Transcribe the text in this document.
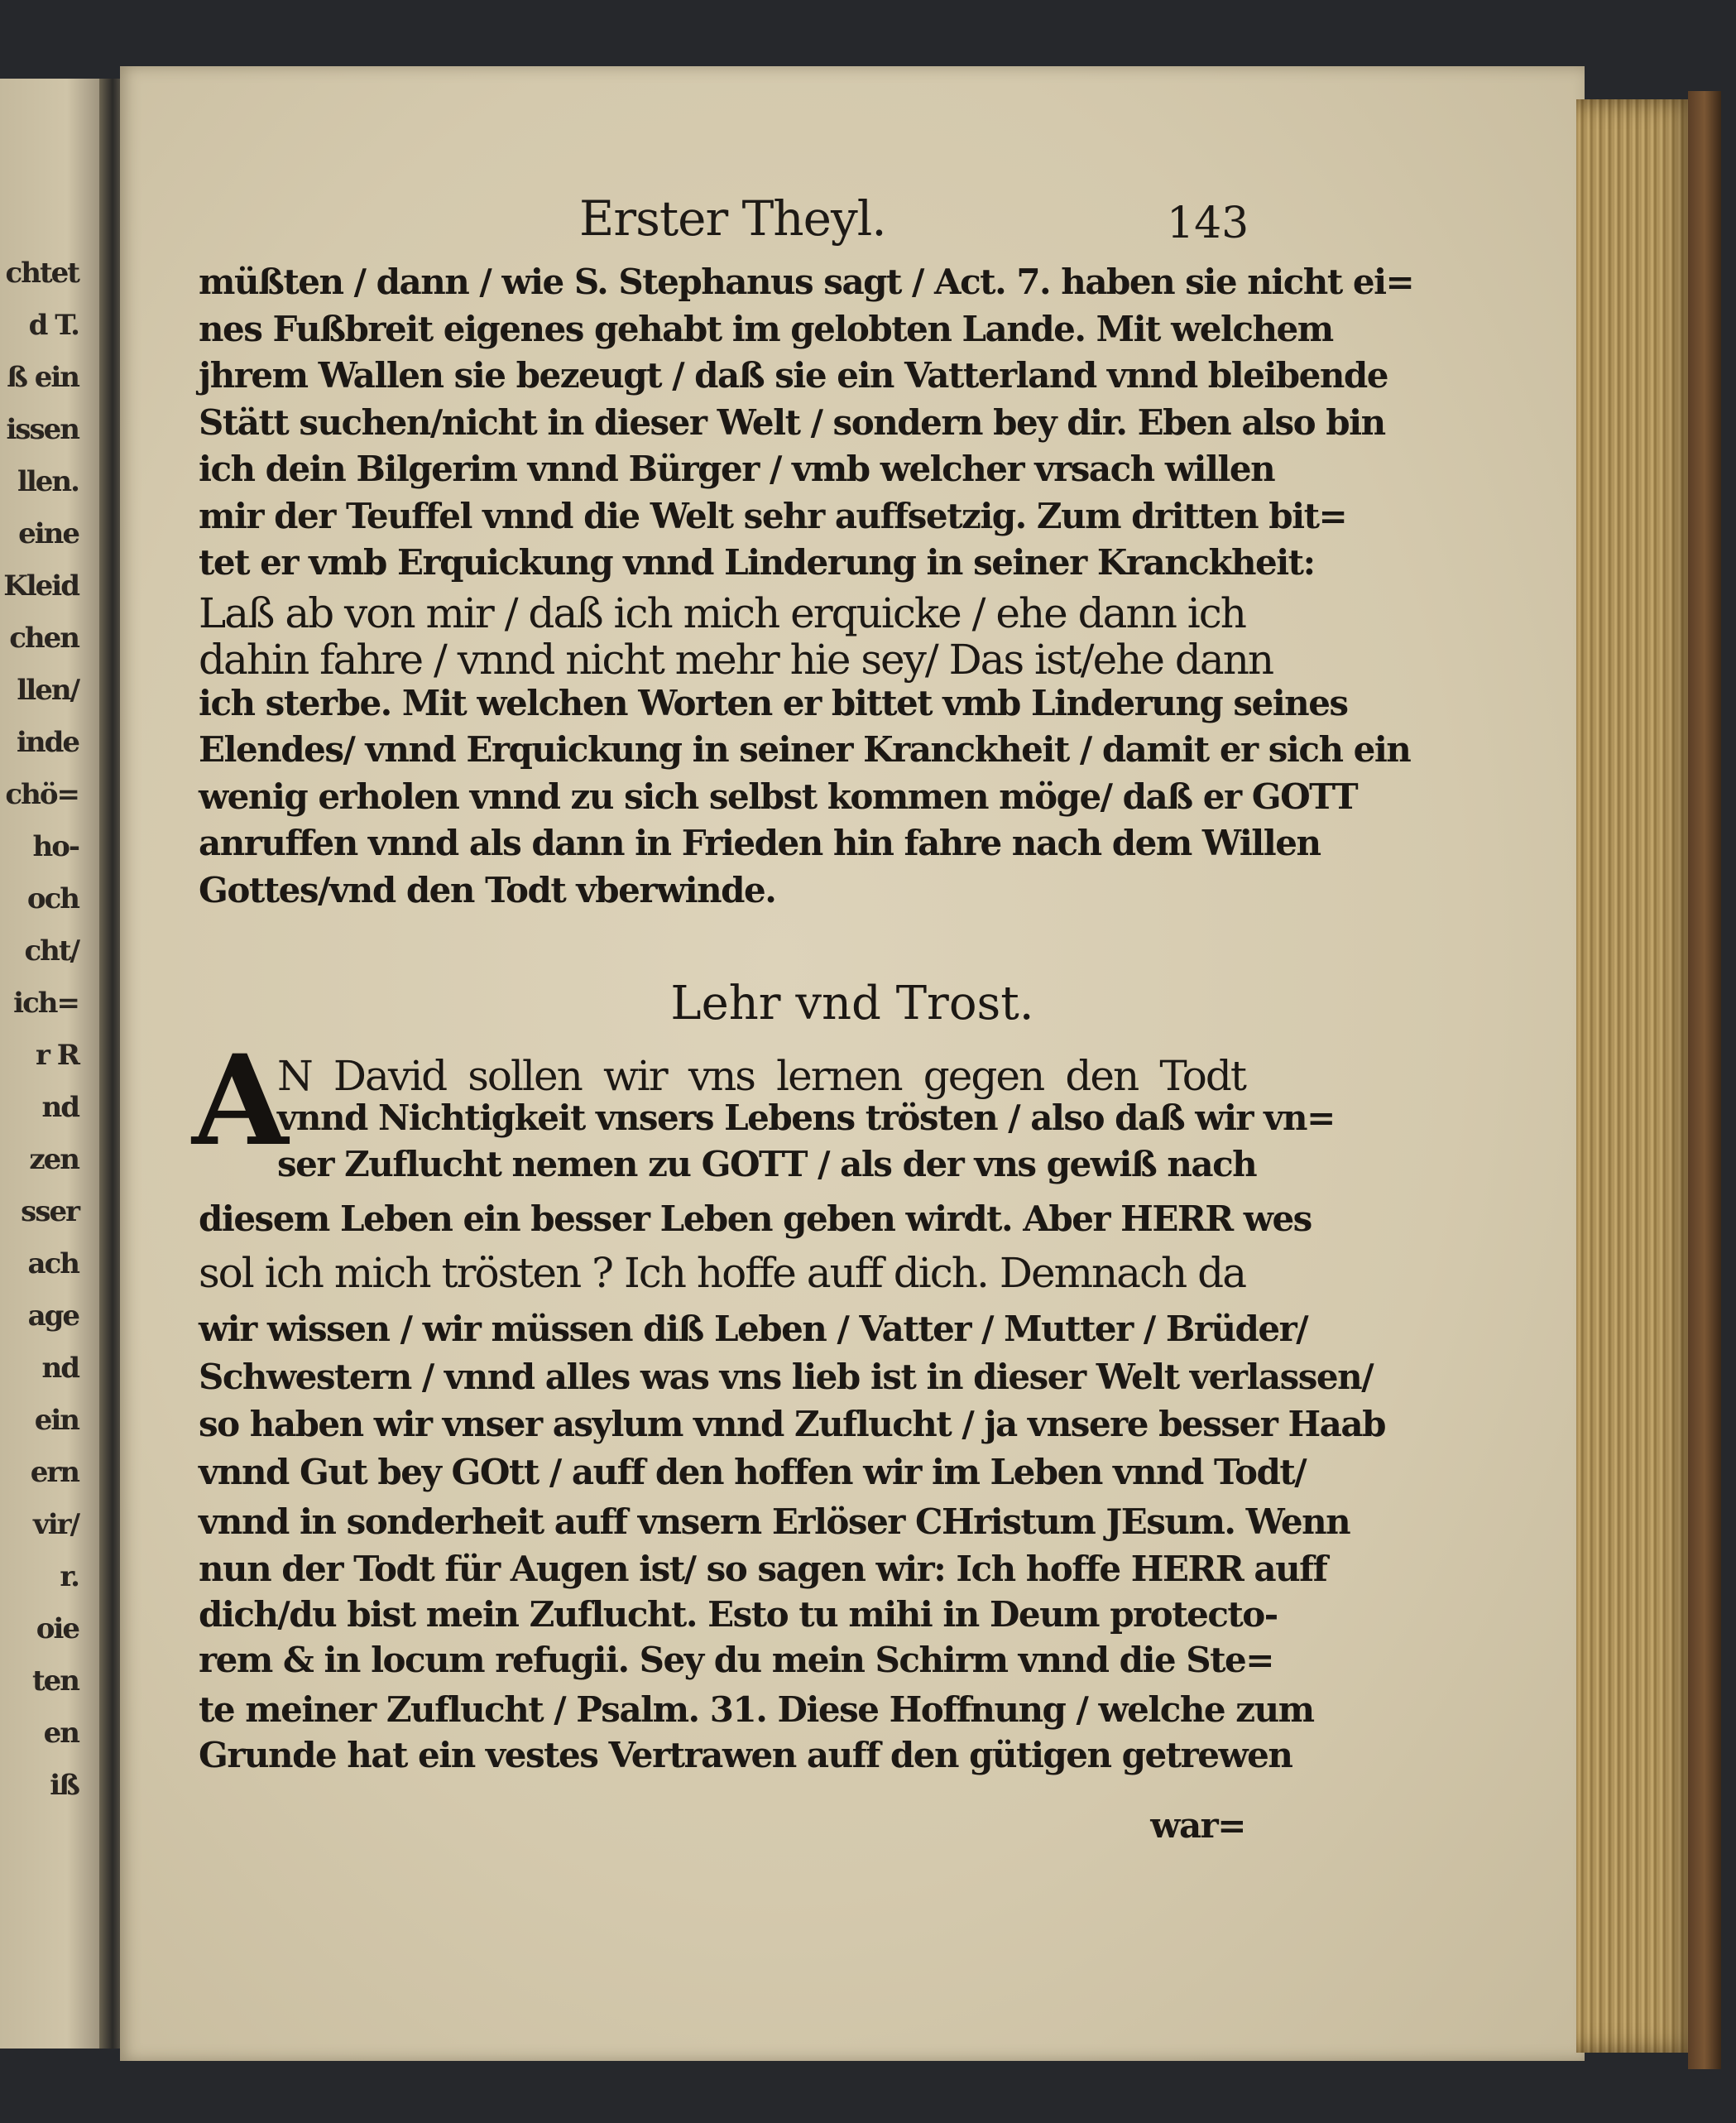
chtet
d T.
ß ein
issen
llen.
eine
Kleid
chen
llen/
inde
chö=
ho-
och
cht/
ich=
r R
nd
zen
sser
ach
age
nd
ein
ern
vir/
r.
oie
ten
en
iß
Erster Theyl.	143
müßten / dann / wie S. Stephanus sagt / Act. 7. haben sie nicht ei=
nes Fußbreit eigenes gehabt im gelobten Lande. Mit welchem
jhrem Wallen sie bezeugt / daß sie ein Vatterland vnnd bleibende
Stätt suchen/nicht in dieser Welt / sondern bey dir. Eben also bin
ich dein Bilgerim vnnd Bürger / vmb welcher vrsach willen
mir der Teuffel vnnd die Welt sehr auffsetzig. Zum dritten bit=
tet er vmb Erquickung vnnd Linderung in seiner Kranckheit:
Laß ab von mir / daß ich mich erquicke / ehe dann ich
dahin fahre / vnnd nicht mehr hie sey/ Das ist/ehe dann
ich sterbe. Mit welchen Worten er bittet vmb Linderung seines
Elendes/ vnnd Erquickung in seiner Kranckheit / damit er sich ein
wenig erholen vnnd zu sich selbst kommen möge/ daß er GOTT
anruffen vnnd als dann in Frieden hin fahre nach dem Willen
Gottes/vnd den Todt vberwinde.
Lehr vnd Trost.
A
N David sollen wir vns lernen gegen den Todt
vnnd Nichtigkeit vnsers Lebens trösten / also daß wir vn=
ser Zuflucht nemen zu GOTT / als der vns gewiß nach
diesem Leben ein besser Leben geben wirdt. Aber HERR wes
sol ich mich trösten ? Ich hoffe auff dich. Demnach da
wir wissen / wir müssen diß Leben / Vatter / Mutter / Brüder/
Schwestern / vnnd alles was vns lieb ist in dieser Welt verlassen/
so haben wir vnser asylum vnnd Zuflucht / ja vnsere besser Haab
vnnd Gut bey GOtt / auff den hoffen wir im Leben vnnd Todt/
vnnd in sonderheit auff vnsern Erlöser CHristum JEsum. Wenn
nun der Todt für Augen ist/ so sagen wir: Ich hoffe HERR auff
dich/du bist mein Zuflucht. Esto tu mihi in Deum protecto-
rem & in locum refugii. Sey du mein Schirm vnnd die Ste=
te meiner Zuflucht / Psalm. 31. Diese Hoffnung / welche zum
Grunde hat ein vestes Vertrawen auff den gütigen getrewen
war=
